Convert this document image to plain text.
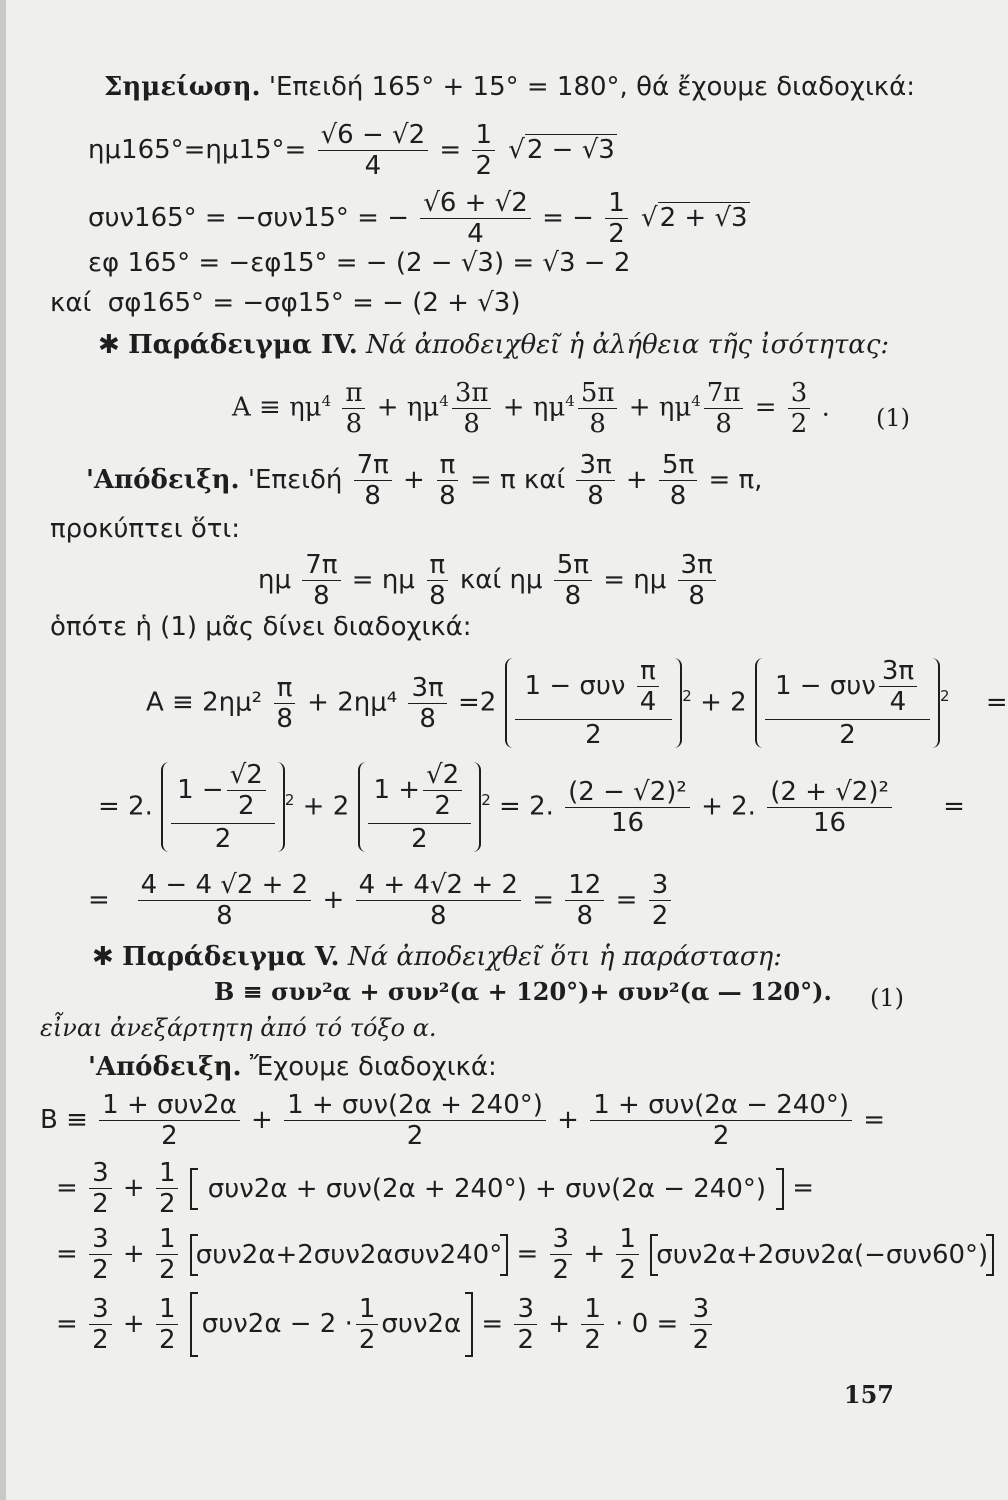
Σημείωση. 'Επειδή 165° + 15° = 180°, θά ἔχουμε διαδοχικά:
$\eta\mu 165^\circ=\eta\mu 15^\circ= \frac{√6 - √2}{4} = \frac{1}{2} √2 - √3$
συν165° = −συν15° = − $\frac{√6 + √2}{4}$ = − $\frac{1}{2} √2 + √3$
εφ 165° = −εφ15° = − (2 − √3) = √3 − 2
καί σφ165° = −σφ15° = − (2 + √3)
✱ Παράδειγμα IV. Νά ἀποδειχθεῖ ἡ ἀλήθεια τῆς ἰσότητας:
$A \equiv \eta\mu^4 \frac{\pi}{8} + \eta\mu^4 \frac{3\pi}{8} + \eta\mu^4 \frac{5\pi}{8} + \eta\mu^4 \frac{7\pi}{8} = \frac{3}{2}$ . (1)
'Απόδειξη. '$E\pi\varepsilon\iota\delta ή \frac{7\pi}{8} + \frac{\pi}{8} = \pi$ καί $\frac{3\pi}{8} + \frac{5\pi}{8} = \pi$,
προκύπτει ὅτι:
ημ $\frac{7\pi}{8} = \eta\mu \frac{\pi}{8}$ καί ημ $\frac{5\pi}{8} = \eta\mu \frac{3\pi}{8}$
ὁπότε ἡ (1) μᾶς δίνει διαδοχικά:
$A \equiv 2\eta\mu^2 \frac{\pi}{8} + 2\eta\mu^4 \frac{3\pi}{8} =2 \frac{1 - \sigma\upsilon\nu \frac{\pi}{4}}{2} ^2 + 2 \frac{1 - \sigma\upsilon\nu \frac{3\pi}{4}}{2} ^2$ =
= 2. $\frac{1 - \frac{√2}{2}}{2} ^2 + 2 \frac{1 + \frac{√2}{2}}{2} ^2 = 2$. $\frac{\text{(2 − √2)²}}{16} + 2$. $\frac{\text{(2 + √2)²}}{16}$ =
= $\frac{4 - 4 √2 + 2}{8} + \frac{4 + 4√2 + 2}{8} = \frac{12}{8} = \frac{3}{2}$
✱ Παράδειγμα V. Νά ἀποδειχθεῖ ὅτι ἡ παράσταση:
B ≡ συν²α + συν²(α + 120°)+ συν²(α — 120°). (1)
εἶναι ἀνεξάρτητη ἀπό τό τόξο α.
'Απόδειξη. Ἔχουμε διαδοχικά:
$B \equiv \frac{\text{1 + συν2α}}{2} + \frac{\text{1 + συν(2α + 240°)}}{2} + \frac{\text{1 + συν(2α − 240°)}}{2}$ =
= $\frac{3}{2} + \frac{1}{2} \sigma\upsilon\nu 2\alpha + \sigma\upsilon\nu(2\alpha + 240^\circ) + \sigma\upsilon\nu(2\alpha - 240^\circ)$ =
= $\frac{3}{2} + \frac{1}{2} \sigma\upsilon\nu 2\alpha+2\sigma\upsilon\nu 2\alpha\sigma\upsilon\nu 240^\circ = \frac{3}{2} + \frac{1}{2} \sigma\upsilon\nu 2\alpha+2\sigma\upsilon\nu 2\alpha(-\sigma\upsilon\nu 60^\circ)$
= $\frac{3}{2} + \frac{1}{2} \sigma\upsilon\nu 2\alpha - 2 \cdot \frac{1}{2} \sigma\upsilon\nu 2\alpha = \frac{3}{2} + \frac{1}{2} \cdot 0 = \frac{3}{2}$
157
